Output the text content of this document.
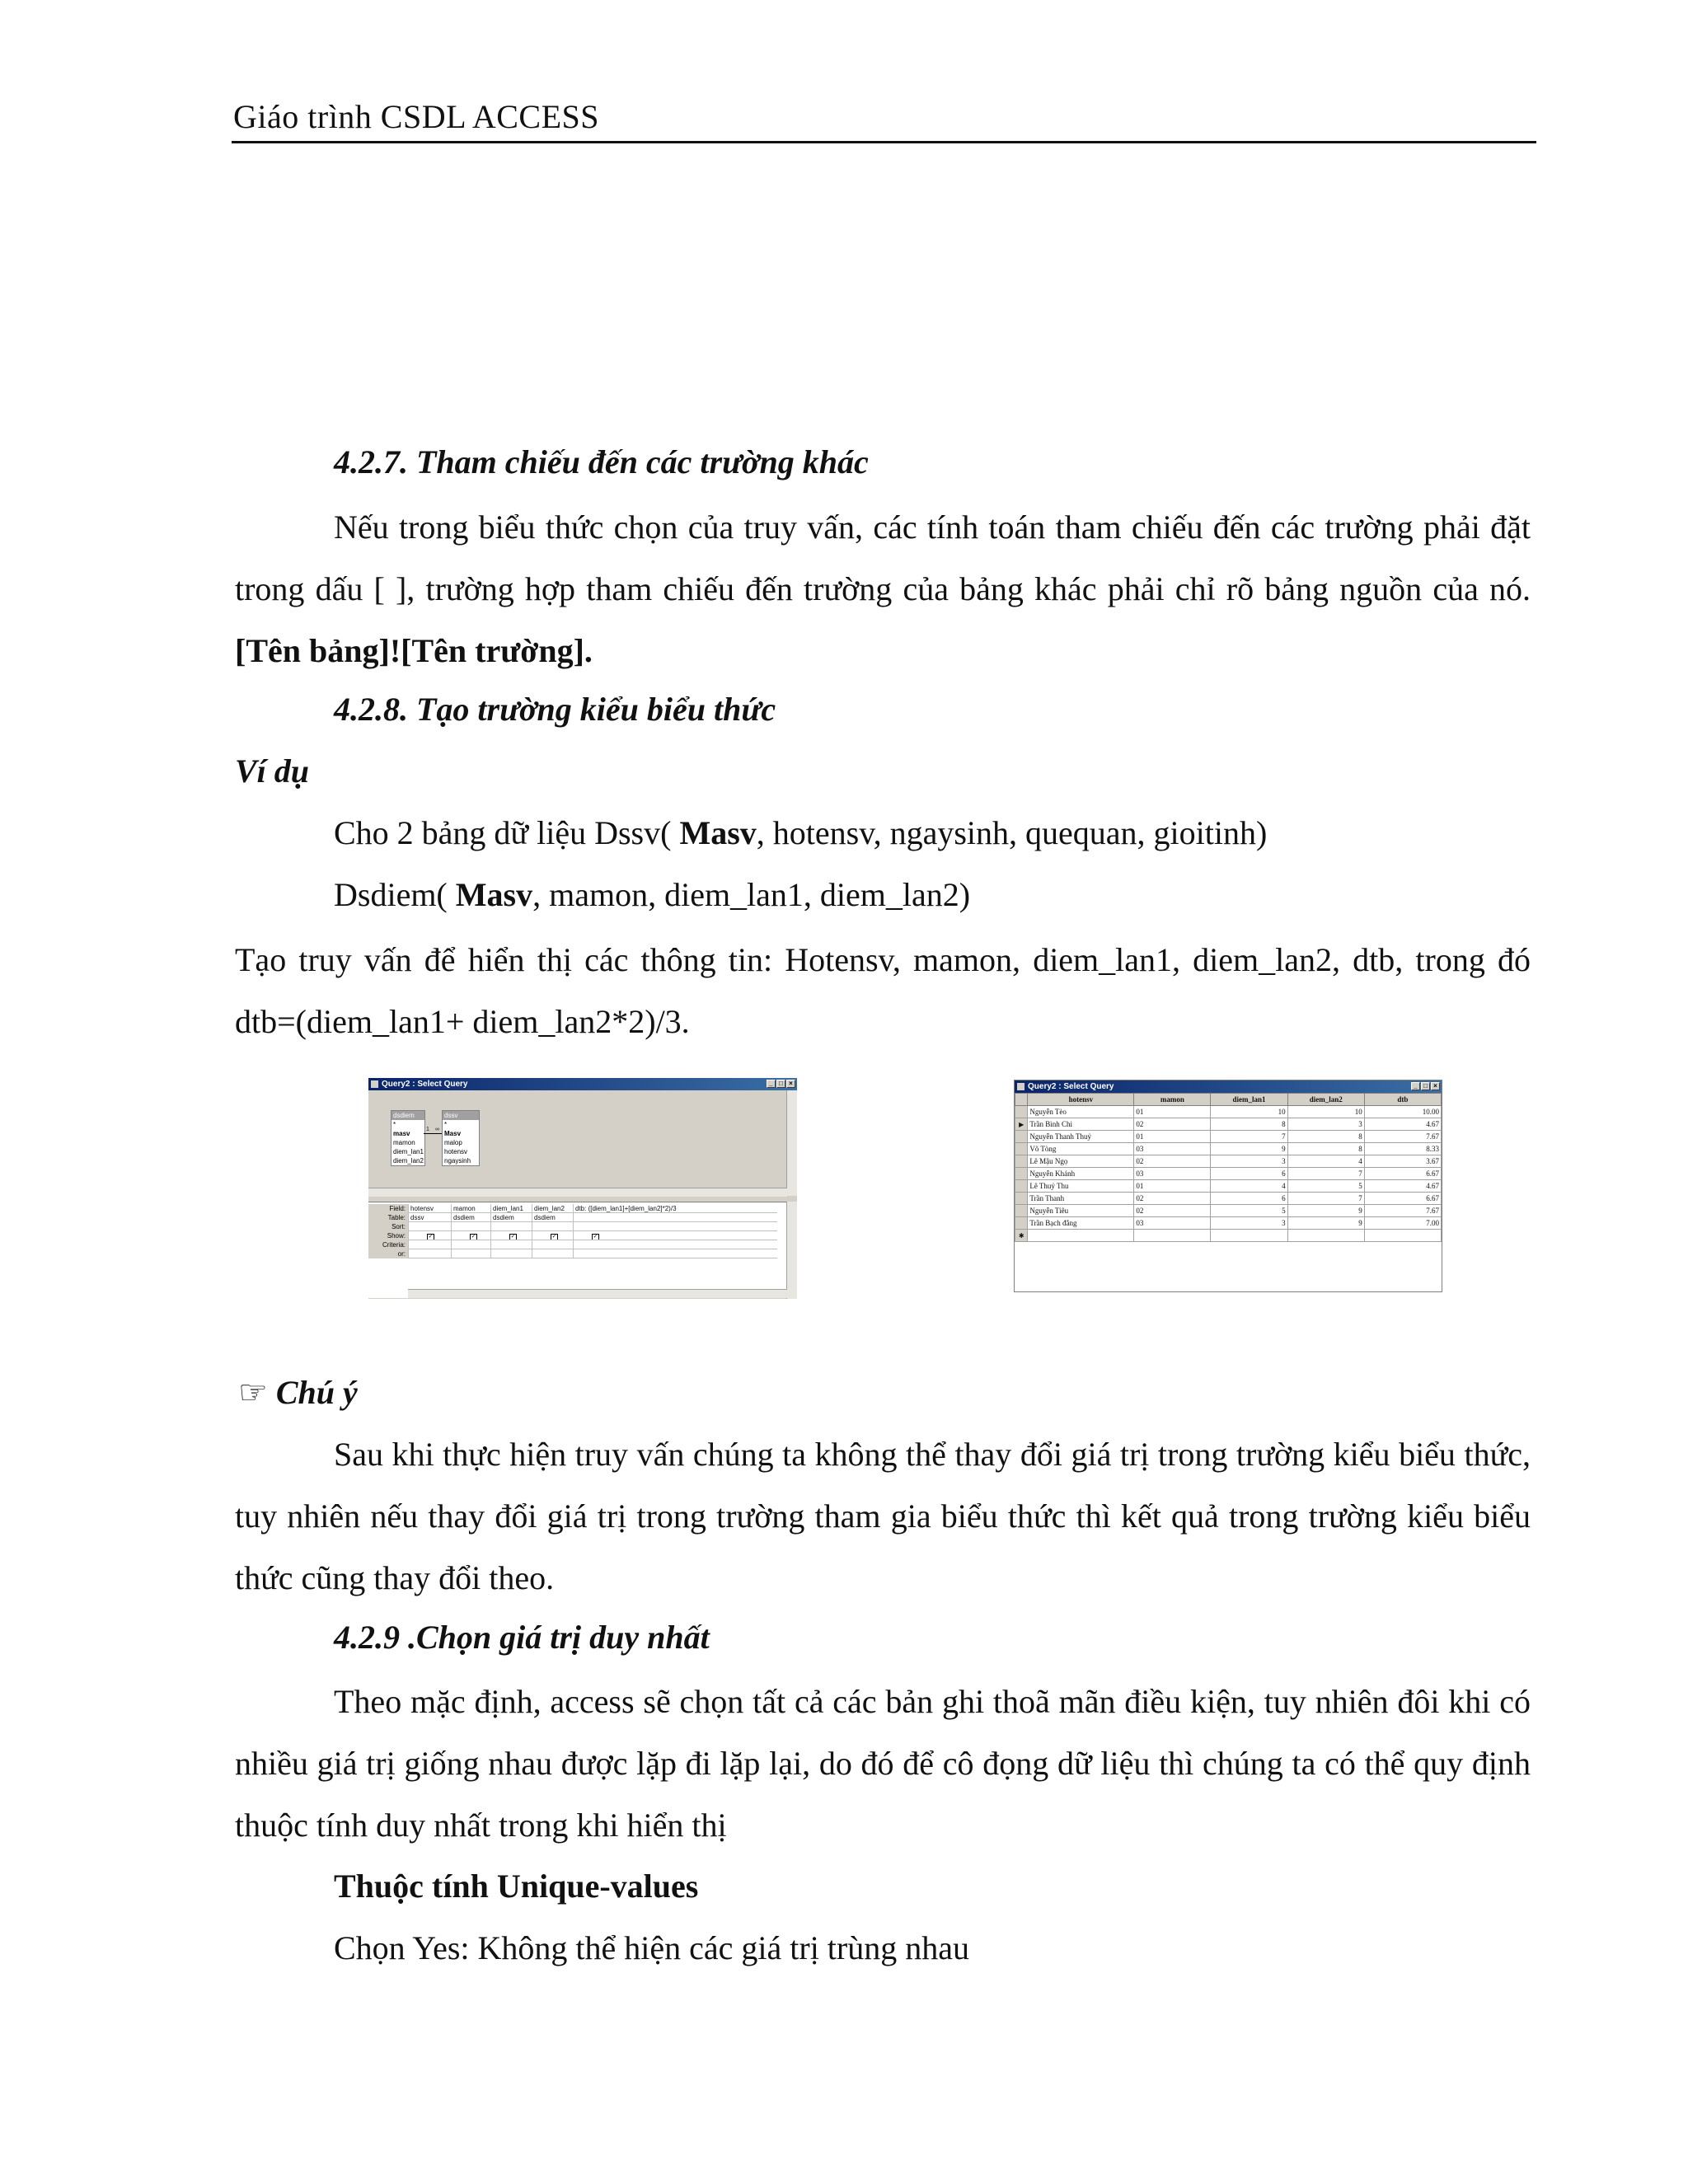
Giáo trình CSDL ACCESS
4.2.7. Tham chiếu đến các trường khác
Nếu trong biểu thức chọn của truy vấn, các tính toán tham chiếu đến các trường phải đặt trong dấu [ ], trường hợp tham chiếu đến trường của bảng khác phải chỉ rõ bảng nguồn của nó. [Tên bảng]![Tên trường].
4.2.8. Tạo trường kiểu biểu thức
Ví dụ
Cho 2 bảng dữ liệu Dssv( Masv, hotensv, ngaysinh, quequan, gioitinh)
Dsdiem( Masv, mamon, diem_lan1, diem_lan2)
Tạo truy vấn để hiển thị các thông tin: Hotensv, mamon, diem_lan1, diem_lan2, dtb, trong đó dtb=(diem_lan1+ diem_lan2*2)/3.
Query2 : Select Query	_ □ ×
dsdiem
*
masv
mamon
diem_lan1
diem_lan2
1 ∞
dssv
*
Masv
malop
hotensv
ngaysinh
Field: hotensv	mamon	diem_lan1	diem_lan2	dtb: ([diem_lan1]+[diem_lan2]*2)/3
Table: dssv	dsdiem	dsdiem	dsdiem
Sort:
Show:	✓	✓	✓	✓	✓
Criteria:
or:
Query2 : Select Query	_ □ ×
	hotensv	mamon	diem_lan1	diem_lan2	dtb
	Nguyễn Tèo	01	10	10	10.00
▶	Trần Bình Chi	02	8	3	4.67
	Nguyễn Thanh Thuỷ	01	7	8	7.67
	Võ Tòng	03	9	8	8.33
	Lê Mậu Ngọ	02	3	4	3.67
	Nguyễn Khánh	03	6	7	6.67
	Lê Thuỷ Thu	01	4	5	4.67
	Trần Thanh	02	6	7	6.67
	Nguyễn Tiêu	02	5	9	7.67
	Trần Bạch đằng	03	3	9	7.00
✱					
☞ Chú ý
Sau khi thực hiện truy vấn chúng ta không thể thay đổi giá trị trong trường kiểu biểu thức, tuy nhiên nếu thay đổi giá trị trong trường tham gia biểu thức thì kết quả trong trường kiểu biểu thức cũng thay đổi theo.
4.2.9 .Chọn giá trị duy nhất
Theo mặc định, access sẽ chọn tất cả các bản ghi thoã mãn điều kiện, tuy nhiên đôi khi có nhiều giá trị giống nhau được lặp đi lặp lại, do đó để cô đọng dữ liệu thì chúng ta có thể quy định thuộc tính duy nhất trong khi hiển thị
Thuộc tính Unique-values
Chọn Yes: Không thể hiện các giá trị trùng nhau
